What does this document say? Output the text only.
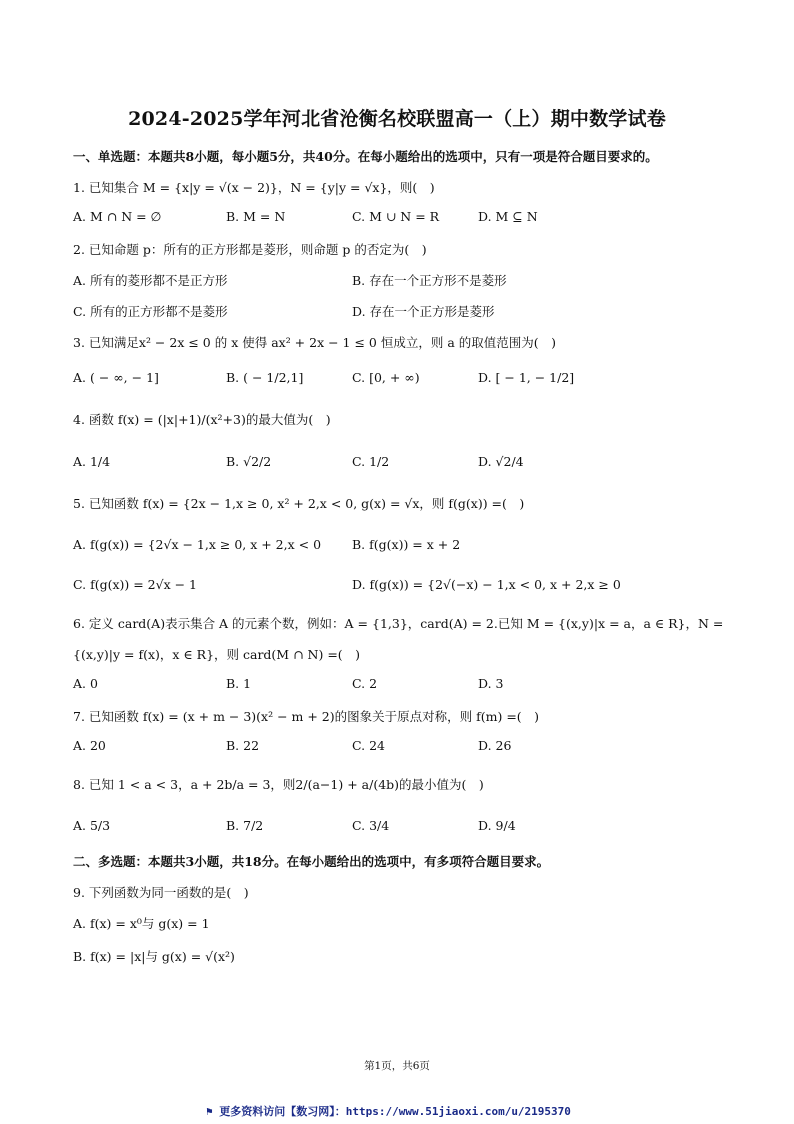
2024-2025学年河北省沧衡名校联盟高一（上）期中数学试卷
一、单选题：本题共8小题，每小题5分，共40分。在每小题给出的选项中，只有一项是符合题目要求的。
1. 已知集合 M = {x|y = √(x − 2)}，N = {y|y = √x}，则(　)
A. M ∩ N = ∅	B. M = N	C. M ∪ N = R	D. M ⊆ N
2. 已知命题 p：所有的正方形都是菱形，则命题 p 的否定为(　)
A. 所有的菱形都不是正方形	B. 存在一个正方形不是菱形
C. 所有的正方形都不是菱形	D. 存在一个正方形是菱形
3. 已知满足x² − 2x ≤ 0 的 x 使得 ax² + 2x − 1 ≤ 0 恒成立，则 a 的取值范围为(　)
A. ( − ∞, − 1]	B. ( − 1/2,1]	C. [0, + ∞)	D. [ − 1, − 1/2]
4. 函数 f(x) = (|x|+1)/(x²+3)的最大值为(　)
A. 1/4	B. √2/2	C. 1/2	D. √2/4
5. 已知函数 f(x) = {2x − 1,x ≥ 0, x² + 2,x < 0, g(x) = √x，则 f(g(x)) =(　)
A. f(g(x)) = {2√x − 1,x ≥ 0, x + 2,x < 0 B. f(g(x)) = x + 2
C. f(g(x)) = 2√x − 1	D. f(g(x)) = {2√(−x) − 1,x < 0, x + 2,x ≥ 0
6. 定义 card(A)表示集合 A 的元素个数，例如：A = {1,3}，card(A) = 2.已知 M = {(x,y)|x = a，a ∈ R}，N =
{(x,y)|y = f(x)，x ∈ R}，则 card(M ∩ N) =(　)
A. 0	B. 1	C. 2	D. 3
7. 已知函数 f(x) = (x + m − 3)(x² − m + 2)的图象关于原点对称，则 f(m) =(　)
A. 20	B. 22	C. 24	D. 26
8. 已知 1 < a < 3，a + 2b/a = 3，则2/(a−1) + a/(4b)的最小值为(　)
A. 5/3	B. 7/2	C. 3/4	D. 9/4
二、多选题：本题共3小题，共18分。在每小题给出的选项中，有多项符合题目要求。
9. 下列函数为同一函数的是(　)
A. f(x) = x⁰与 g(x) = 1
B. f(x) = |x|与 g(x) = √(x²)
第1页，共6页
⚑ 更多资料访问【数习网】：https://www.51jiaoxi.com/u/2195370
